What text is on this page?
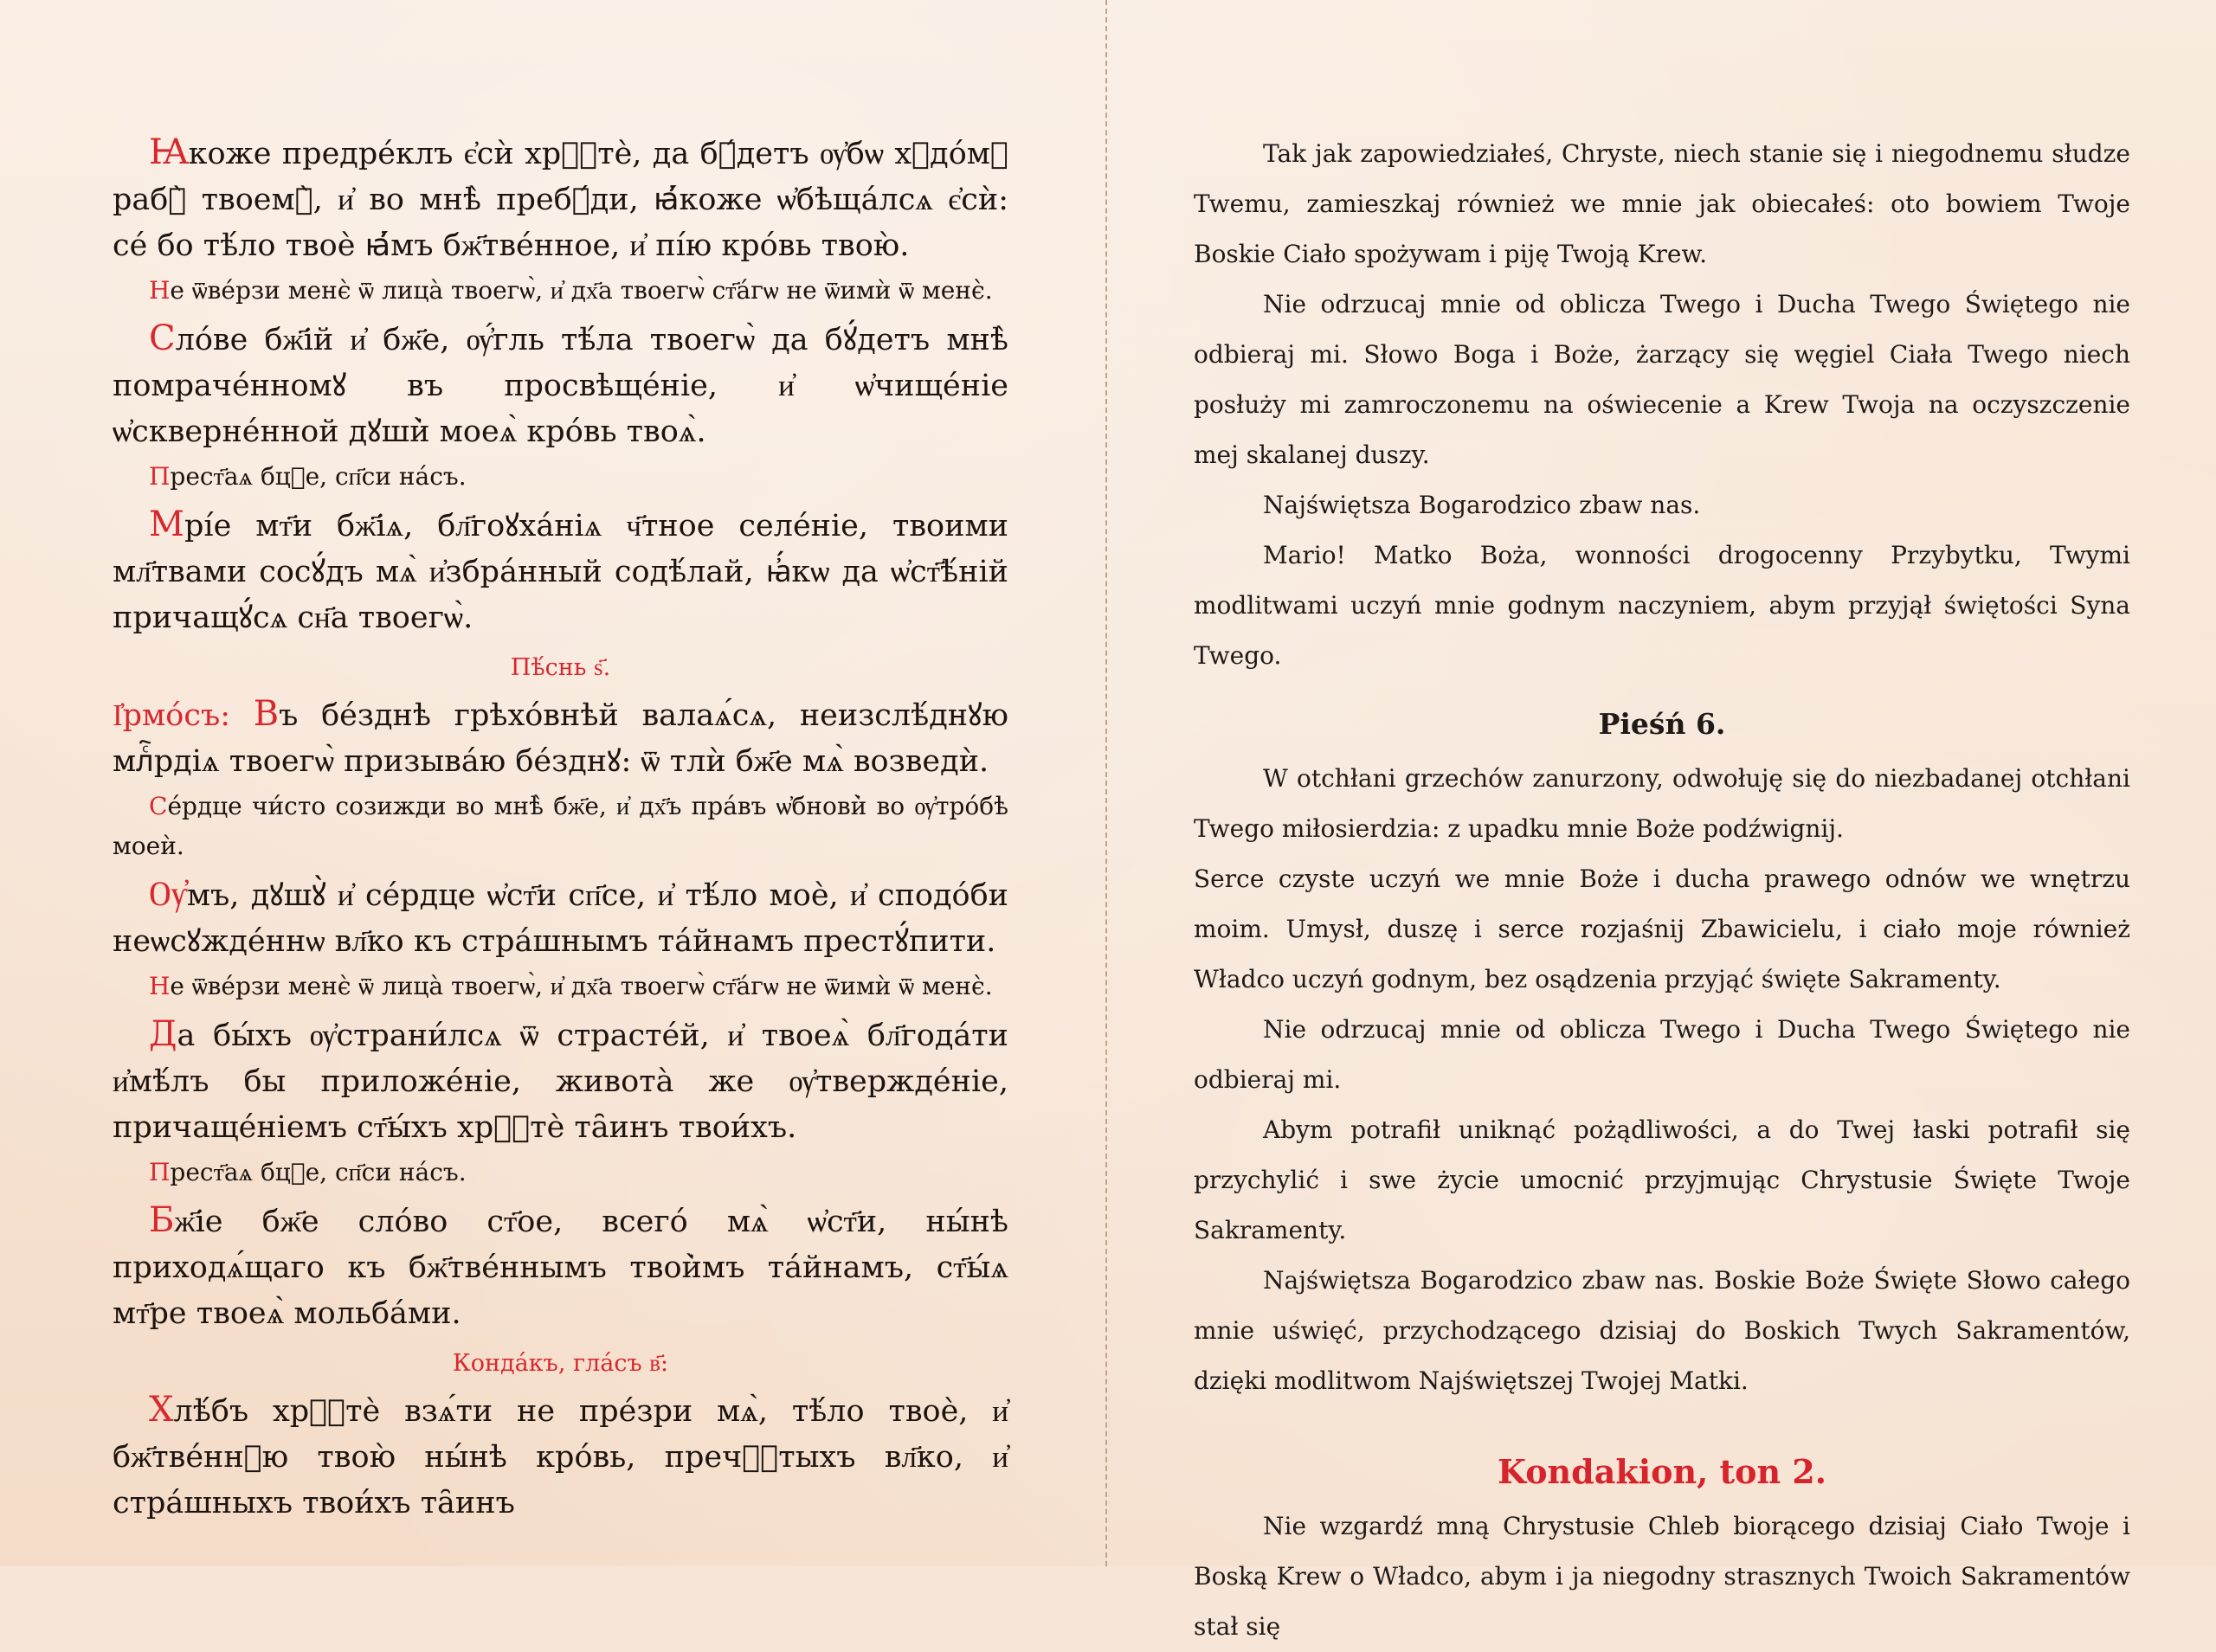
Ꙗкоже предре́клъ є҆сѝ хрⷭ҇тѐ, да бꙋ́детъ ѹ҆бѡ хꙋдо́мꙋ рабꙋ̀ твоемꙋ̀, и҆ во мнѣ̀ пребꙋ́ди, ꙗ҆́коже ѡ҆бѣща́лсѧ є҆сѝ: се́ бо тѣ́ло твоѐ ꙗ҆́мъ бж҃тве́нное, и҆ пі́ю кро́вь твою̀.

Не ѿве́рзи менє̀ ѿ лица̀ твоегѡ̀, и҆ дх҃а твоегѡ̀ ст҃а́гѡ не ѿимѝ ѿ менє̀.

Сло́ве бж҃ій и҆ бж҃е, ѹ҆́гль тѣ́ла твоегѡ̀ да бꙋ́детъ мнѣ̀ помраче́нномꙋ въ просвѣще́ніе, и҆ ѡ҆чище́ніе ѡ҆скверне́нной дꙋши̇̀ моеѧ̀ кро́вь твоѧ̀.

Прест҃аѧ бцⷣе, сп҃си на́съ.

Мрі́е мт҃и бж҃іѧ, бл҃гоꙋха́ніѧ ч҃тное селе́ніе, твоими мл҃твами сосꙋ́дъ мѧ̀ и҆збра́нный содѣ́лай, ꙗ҆́кѡ да ѡ҆ст҃ѣ́ній причащꙋ́сѧ сн҃а твоегѡ̀.

Пѣ́снь ѕ҃.

І҆рмо́съ: Въ бе́зднѣ грѣхо́внѣй валаѧ́сѧ, неизслѣ́днꙋю млⷭ҇рдіѧ твоегѡ̀ призыва́ю бе́зднꙋ: ѿ тлѝ бж҃е мѧ̀ возведѝ.

Се́рдце чи́сто созижди во мнѣ̀ бж҃е, и҆ дх҃ъ пра́въ ѡ҆бнови̇̀ во ѹ҆тро́бѣ моеѝ.

Ѹ҆мъ, дꙋшꙋ̀ и҆ се́рдце ѡ҆ст҃и сп҃се, и҆ тѣ́ло моѐ, и҆ сподо́би неѡсꙋжде́ннѡ вл҃ко къ стра́шнымъ та́йнамъ престꙋ́пити.

Не ѿве́рзи менє̀ ѿ лица̀ твоегѡ̀, и҆ дх҃а твоегѡ̀ ст҃а́гѡ не ѿимѝ ѿ менє̀.

Да бы́хъ ѹ҆страни́лсѧ ѿ страсте́й, и҆ твоеѧ̀ бл҃года́ти и҆мѣ́лъ бы приложе́ніе, живота̀ же ѹ҆твержде́ніе, причаще́ніемъ ст҃ы́хъ хрⷭ҇тѐ та̑инъ твои́хъ.

Прест҃аѧ бцⷣе, сп҃си на́съ.

Бж҃іе бж҃е сло́во ст҃ое, всего́ мѧ̀ ѡ҆ст҃и, ны́нѣ приходѧ́щаго къ бж҃тве́ннымъ твои̇̀мъ та́йнамъ, ст҃ы́ѧ мт҃ре твоеѧ̀ мольба́ми.

Конда́къ, гла́съ в҃:

Хлѣ́бъ хрⷭ҇тѐ взѧ́ти не пре́зри мѧ̀, тѣ́ло твоѐ, и҆ бж҃тве́ннꙋю твою̀ ны́нѣ кро́вь, пречⷭ҇тыхъ вл҃ко, и҆ стра́шныхъ твои́хъ та̑инъ

Tak jak zapowiedziałeś, Chryste, niech stanie się i niegodnemu słudze Twemu, zamieszkaj również we mnie jak obiecałeś: oto bowiem Twoje Boskie Ciało spożywam i piję Twoją Krew.

Nie odrzucaj mnie od oblicza Twego i Ducha Twego Świętego nie odbieraj mi. Słowo Boga i Boże, żarzący się węgiel Ciała Twego niech posłuży mi zamroczonemu na oświecenie a Krew Twoja na oczyszczenie mej skalanej duszy.

Najświętsza Bogarodzico zbaw nas.

Mario! Matko Boża, wonności drogocenny Przybytku, Twymi modlitwami uczyń mnie godnym naczyniem, abym przyjął świętości Syna Twego.

Pieśń 6.

W otchłani grzechów zanurzony, odwołuję się do niezbadanej otchłani Twego miłosierdzia: z upadku mnie Boże podźwignij.

Serce czyste uczyń we mnie Boże i ducha prawego odnów we wnętrzu moim. Umysł, duszę i serce rozjaśnij Zbawicielu, i ciało moje również Władco uczyń godnym, bez osądzenia przyjąć święte Sakramenty.

Nie odrzucaj mnie od oblicza Twego i Ducha Twego Świętego nie odbieraj mi.

Abym potrafił uniknąć pożądliwości, a do Twej łaski potrafił się przychylić i swe życie umocnić przyjmując Chrystusie Święte Twoje Sakramenty.

Najświętsza Bogarodzico zbaw nas. Boskie Boże Święte Słowo całego mnie uświęć, przychodzącego dzisiaj do Boskich Twych Sakramentów, dzięki modlitwom Najświętszej Twojej Matki.

Kondakion, ton 2.

Nie wzgardź mną Chrystusie Chleb biorącego dzisiaj Ciało Twoje i Boską Krew o Władco, abym i ja niegodny strasznych Twoich Sakramentów stał się
